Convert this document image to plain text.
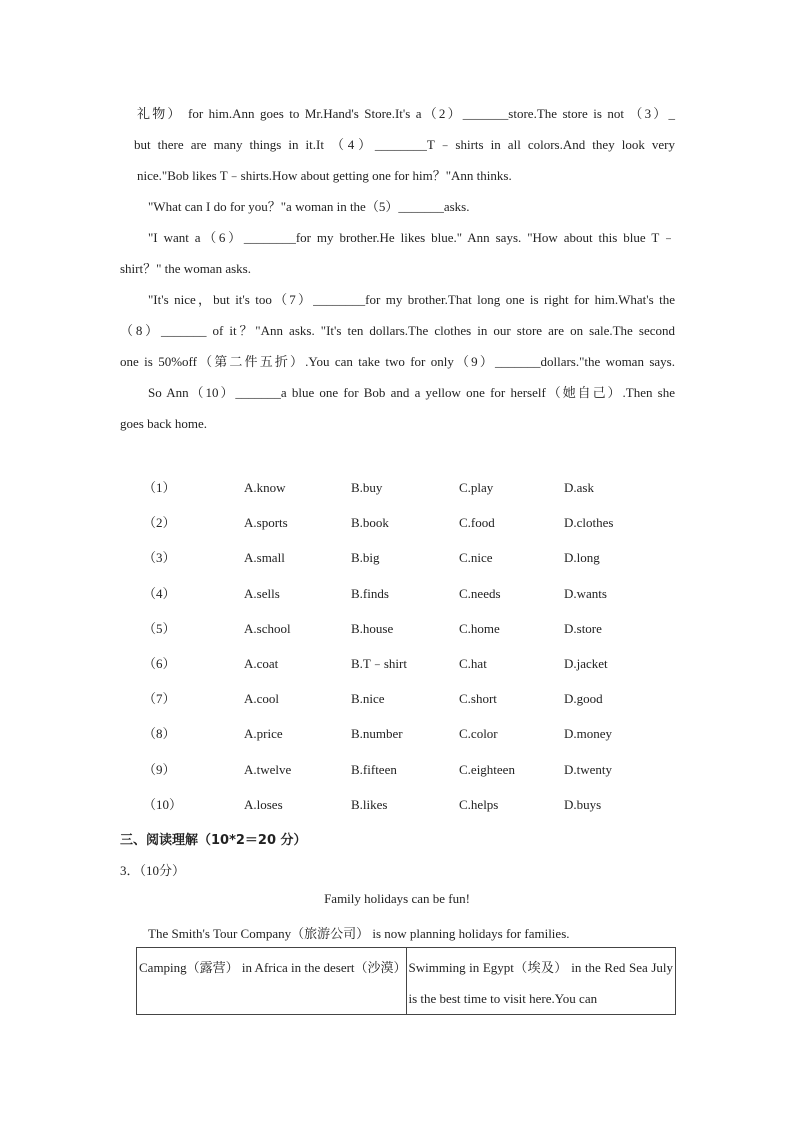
礼物） for him.Ann goes to Mr.Hand's Store.It's a（2）_______store.The store is not （3）_
but there are many things in it.It （4）________T﹣shirts in all colors.And they look very
nice."Bob likes T﹣shirts.How about getting one for him？"Ann thinks.
"What can I do for you？"a woman in the（5）_______asks.
"I want a（6）________for my brother.He likes blue." Ann says. "How about this blue T﹣
shirt？" the woman asks.
"It's nice，but it's too（7）________for my brother.That long one is right for him.What's the
（8）_______ of it？"Ann asks. "It's ten dollars.The clothes in our store are on sale.The second
one is 50%off（第二件五折）.You can take two for only（9）_______dollars."the woman says.
So Ann（10）_______a blue one for Bob and a yellow one for herself（她自己）.Then she
goes back home.
（1）	A.know	B.buy	C.play	D.ask
（2）	A.sports	B.book	C.food	D.clothes
（3）	A.small	B.big	C.nice	D.long
（4）	A.sells	B.finds	C.needs	D.wants
（5）	A.school	B.house	C.home	D.store
（6）	A.coat	B.T﹣shirt	C.hat	D.jacket
（7）	A.cool	B.nice	C.short	D.good
（8）	A.price	B.number	C.color	D.money
（9）	A.twelve	B.fifteen	C.eighteen	D.twenty
（10）	A.loses	B.likes	C.helps	D.buys
三、阅读理解（10*2＝20 分）
3．（10分）
Family holidays can be fun!
The Smith's Tour Company（旅游公司） is now planning holidays for families.
Camping（露营） in Africa in the desert（沙漠）	Swimming in Egypt（埃及） in the Red Sea July is the best time to visit here.You can
